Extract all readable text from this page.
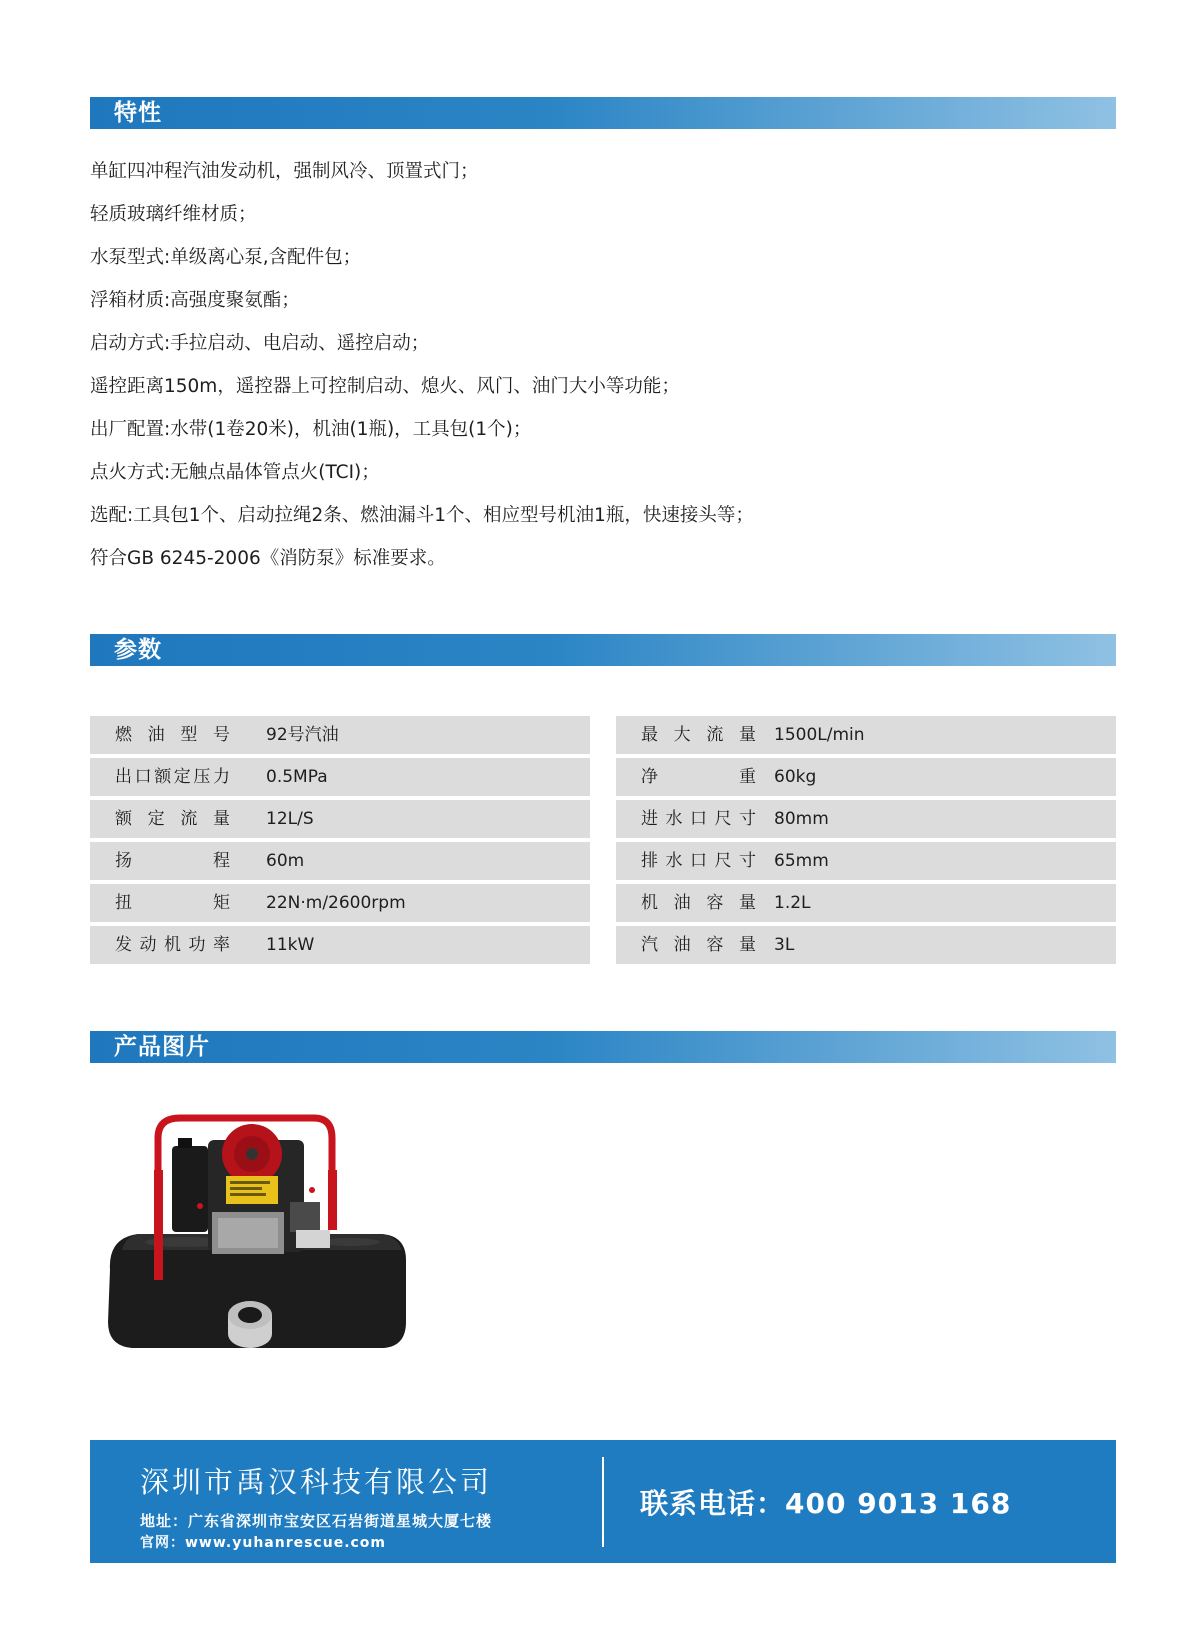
特性
单缸四冲程汽油发动机，强制风冷、顶置式门；
轻质玻璃纤维材质；
水泵型式:单级离心泵,含配件包；
浮箱材质:高强度聚氨酯；
启动方式:手拉启动、电启动、遥控启动；
遥控距离150m，遥控器上可控制启动、熄火、风门、油门大小等功能；
出厂配置:水带(1卷20米)，机油(1瓶)，工具包(1个)；
点火方式:无触点晶体管点火(TCI)；
选配:工具包1个、启动拉绳2条、燃油漏斗1个、相应型号机油1瓶，快速接头等；
符合GB 6245-2006《消防泵》标准要求。
参数
燃油型号 92号汽油
出口额定压力 0.5MPa
额定流量 12L/S
扬程 60m
扭矩 22N·m/2600rpm
发动机功率 11kW
最大流量 1500L/min
净重 60kg
进水口尺寸 80mm
排水口尺寸 65mm
机油容量 1.2L
汽油容量 3L
产品图片
深圳市禹汉科技有限公司
地址：广东省深圳市宝安区石岩街道星城大厦七楼
官网：www.yuhanrescue.com
联系电话：400 9013 168
